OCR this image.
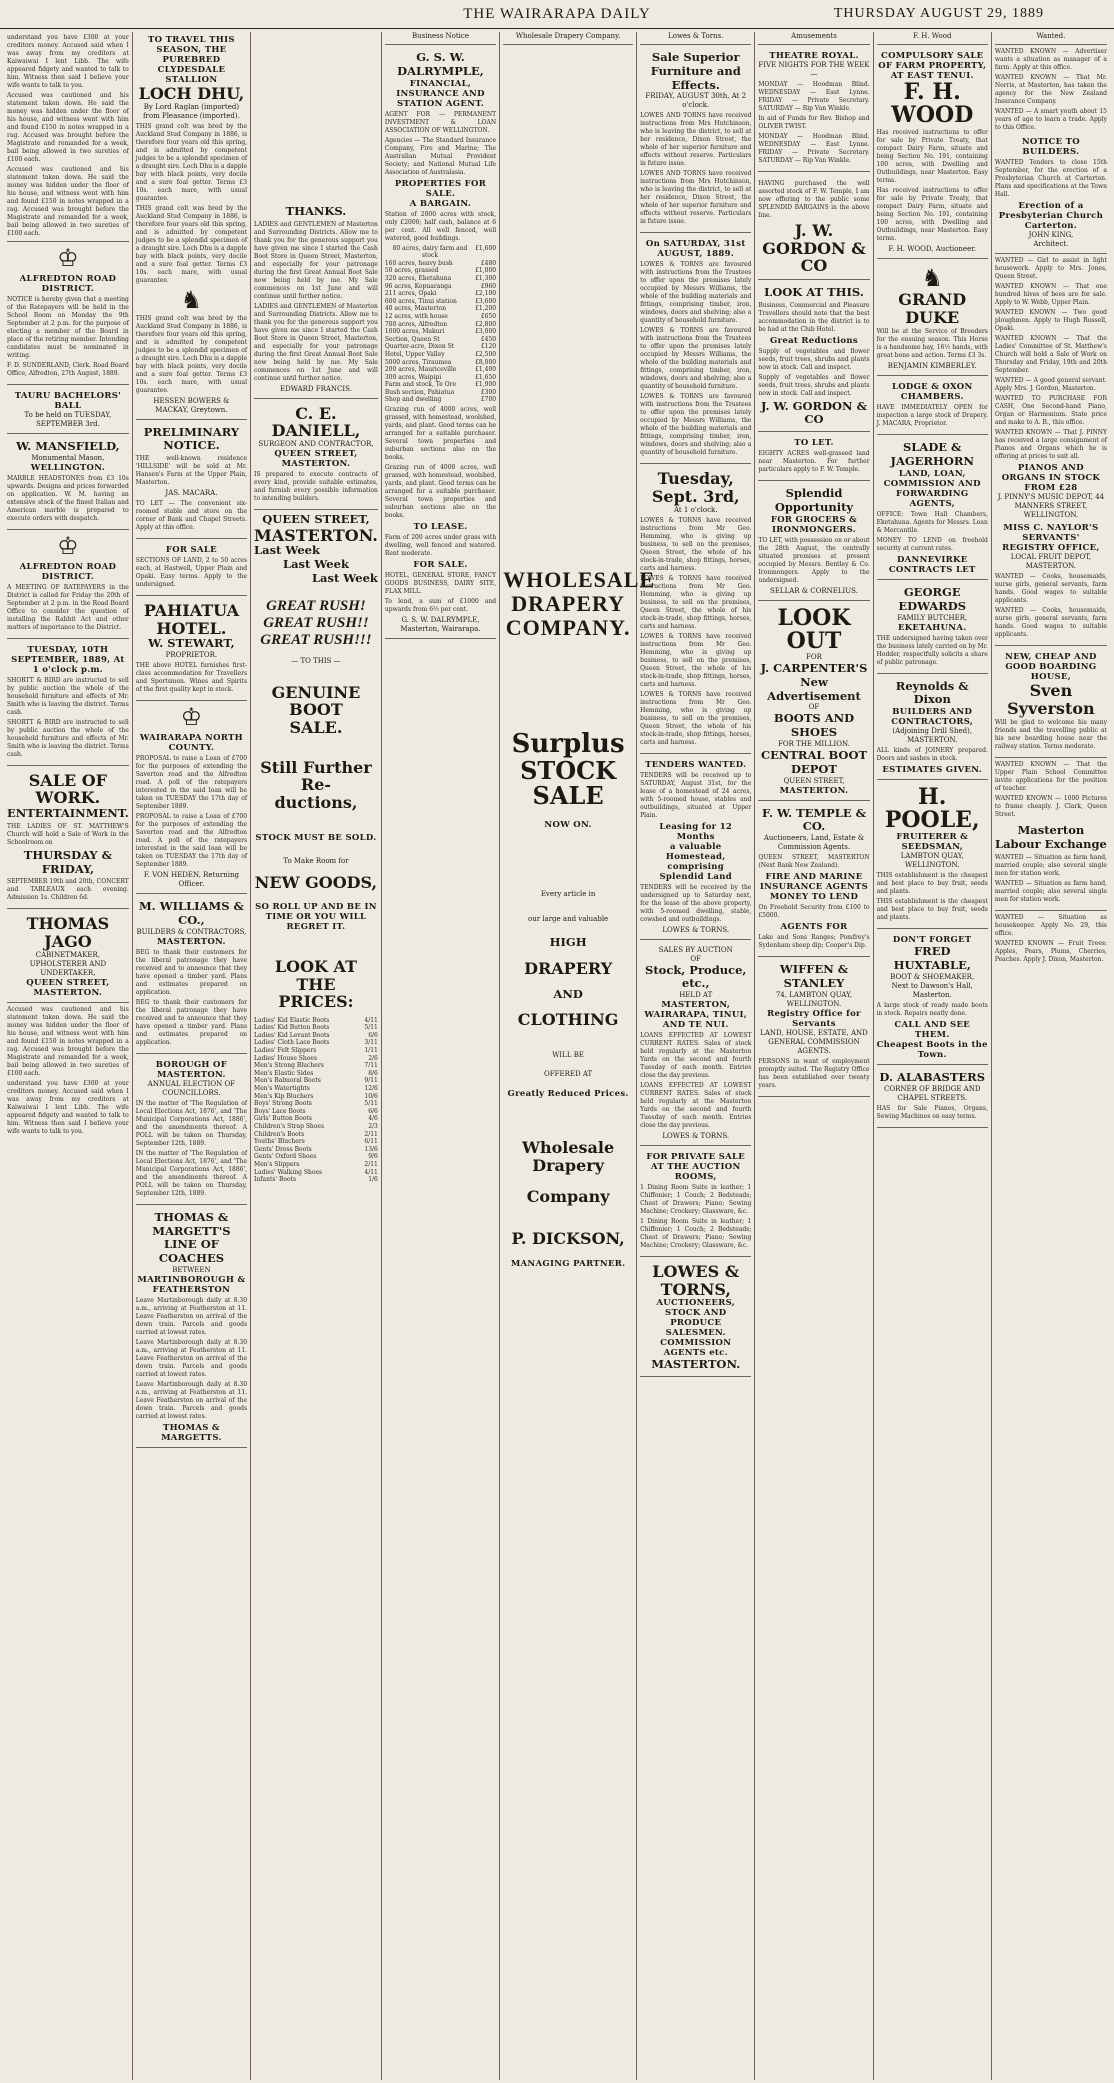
THE WAIRARAPA DAILY	THURSDAY AUGUST 29, 1889
understand you have £300 at your creditors money. Accused said when I was away from my creditors at Kaiwaiwai I lent Libb. The wife appeared fidgety and wanted to talk to him. Witness then said I believe your wife wants to talk to you.
Accused was cautioned and his statement taken down. He said the money was hidden under the floor of his house, and witness went with him and found £150 in notes wrapped in a rag. Accused was brought before the Magistrate and remanded for a week, bail being allowed in two sureties of £100 each.
Accused was cautioned and his statement taken down. He said the money was hidden under the floor of his house, and witness went with him and found £150 in notes wrapped in a rag. Accused was brought before the Magistrate and remanded for a week, bail being allowed in two sureties of £100 each.
♔
ALFREDTON ROAD DISTRICT.
NOTICE is hereby given that a meeting of the Ratepayers will be held in the School Room on Monday the 9th September at 2 p.m. for the purpose of electing a member of the Board in place of the retiring member. Intending candidates must be nominated in writing.
F. D. SUNDERLAND, Clerk. Road Board Office, Alfredton, 27th August, 1889.
TAURU BACHELORS' BALL
To be held on TUESDAY, SEPTEMBER 3rd.
W. MANSFIELD,
Monumental Mason,
WELLINGTON.
MARBLE HEADSTONES from £3 10s upwards. Designs and prices forwarded on application. W. M. having an extensive stock of the finest Italian and American marble is prepared to execute orders with despatch.
♔
ALFREDTON ROAD DISTRICT.
A MEETING OF RATEPAYERS in the District is called for Friday the 20th of September at 2 p.m. in the Road Board Office to consider the question of installing the Rabbit Act and other matters of importance to the District.
TUESDAY, 10TH SEPTEMBER, 1889, At 1 o'clock p.m.
SHORTT & BIRD are instructed to sell by public auction the whole of the household furniture and effects of Mr. Smith who is leaving the district. Terms cash.
SHORTT & BIRD are instructed to sell by public auction the whole of the household furniture and effects of Mr. Smith who is leaving the district. Terms cash.
SALE OF WORK.
ENTERTAINMENT.
THE LADIES OF ST. MATTHEW'S Church will hold a Sale of Work in the Schoolroom on
THURSDAY & FRIDAY,
SEPTEMBER 19th and 20th, CONCERT and TABLEAUX each evening. Admission 1s. Children 6d.
THOMAS JAGO
CABINETMAKER, UPHOLSTERER AND UNDERTAKER,
QUEEN STREET, MASTERTON.
Accused was cautioned and his statement taken down. He said the money was hidden under the floor of his house, and witness went with him and found £150 in notes wrapped in a rag. Accused was brought before the Magistrate and remanded for a week, bail being allowed in two sureties of £100 each.
understand you have £300 at your creditors money. Accused said when I was away from my creditors at Kaiwaiwai I lent Libb. The wife appeared fidgety and wanted to talk to him. Witness then said I believe your wife wants to talk to you.
TO TRAVEL THIS SEASON, THE PUREBRED CLYDESDALE STALLION
LOCH DHU,
By Lord Raglan (imported) from Pleasance (imported).
THIS grand colt was bred by the Auckland Stud Company in 1886, is therefore four years old this spring, and is admitted by competent judges to be a splendid specimen of a draught sire. Loch Dhu is a dapple bay with black points, very docile and a sure foal getter. Terms £3 10s. each mare, with usual guarantee.
THIS grand colt was bred by the Auckland Stud Company in 1886, is therefore four years old this spring, and is admitted by competent judges to be a splendid specimen of a draught sire. Loch Dhu is a dapple bay with black points, very docile and a sure foal getter. Terms £3 10s. each mare, with usual guarantee.
♞
THIS grand colt was bred by the Auckland Stud Company in 1886, is therefore four years old this spring, and is admitted by competent judges to be a splendid specimen of a draught sire. Loch Dhu is a dapple bay with black points, very docile and a sure foal getter. Terms £3 10s. each mare, with usual guarantee.
HESSEN BOWERS & MACKAY, Greytown.
PRELIMINARY NOTICE.
THE well-known residence 'HILLSIDE' will be sold at Mr. Hansen's Farm at the Upper Plain, Masterton.
JAS. MACARA.
TO LET — The convenient six-roomed stable and store on the corner of Bank and Chapel Streets. Apply at this office.
FOR SALE
SECTIONS OF LAND, 2 to 50 acres each, at Hastwell, Upper Plain and Opaki. Easy terms. Apply to the undersigned.
PAHIATUA HOTEL.
W. STEWART,
PROPRIETOR.
THE above HOTEL furnishes first-class accommodation for Travellers and Sportsmen. Wines and Spirits of the first quality kept in stock.
♔
WAIRARAPA NORTH COUNTY.
PROPOSAL to raise a Loan of £700 for the purposes of extending the Saverton road and the Alfredton road. A poll of the ratepayers interested in the said loan will be taken on TUESDAY the 17th day of September 1889.
PROPOSAL to raise a Loan of £700 for the purposes of extending the Saverton road and the Alfredton road. A poll of the ratepayers interested in the said loan will be taken on TUESDAY the 17th day of September 1889.
F. VON HEDEN, Returning Officer.
M. WILLIAMS & CO.,
BUILDERS & CONTRACTORS,
MASTERTON.
BEG to thank their customers for the liberal patronage they have received and to announce that they have opened a timber yard. Plans and estimates prepared on application.
BEG to thank their customers for the liberal patronage they have received and to announce that they have opened a timber yard. Plans and estimates prepared on application.
BOROUGH OF MASTERTON.
ANNUAL ELECTION OF COUNCILLORS.
IN the matter of 'The Regulation of Local Elections Act, 1876', and 'The Municipal Corporations Act, 1886', and the amendments thereof. A POLL will be taken on Thursday, September 12th, 1889.
IN the matter of 'The Regulation of Local Elections Act, 1876', and 'The Municipal Corporations Act, 1886', and the amendments thereof. A POLL will be taken on Thursday, September 12th, 1889.
THOMAS & MARGETT'S LINE OF COACHES
BETWEEN
MARTINBOROUGH & FEATHERSTON
Leave Martinborough daily at 8.30 a.m., arriving at Featherston at 11. Leave Featherston on arrival of the down train. Parcels and goods carried at lowest rates.
Leave Martinborough daily at 8.30 a.m., arriving at Featherston at 11. Leave Featherston on arrival of the down train. Parcels and goods carried at lowest rates.
Leave Martinborough daily at 8.30 a.m., arriving at Featherston at 11. Leave Featherston on arrival of the down train. Parcels and goods carried at lowest rates.
THOMAS & MARGETTS.
THANKS.
LADIES and GENTLEMEN of Masterton and Surrounding Districts. Allow me to thank you for the generous support you have given me since I started the Cash Boot Store in Queen Street, Masterton, and especially for your patronage during the first Great Annual Boot Sale now being held by me. My Sale commences on 1st June and will continue until further notice.
LADIES and GENTLEMEN of Masterton and Surrounding Districts. Allow me to thank you for the generous support you have given me since I started the Cash Boot Store in Queen Street, Masterton, and especially for your patronage during the first Great Annual Boot Sale now being held by me. My Sale commences on 1st June and will continue until further notice.
EDWARD FRANCIS.
C. E. DANIELL,
SURGEON AND CONTRACTOR,
QUEEN STREET, MASTERTON.
IS prepared to execute contracts of every kind, provide suitable estimates, and furnish every possible information to intending builders.
QUEEN STREET,
MASTERTON.
Last Week
Last Week
Last Week
GREAT RUSH! GREAT RUSH!! GREAT RUSH!!!
— TO THIS —
GENUINE BOOT
SALE.
Still Further Re-
ductions,
STOCK MUST BE SOLD.
To Make Room for
NEW GOODS,
SO ROLL UP AND BE IN TIME OR YOU WILL REGRET IT.
LOOK AT THE
PRICES:
Ladies' Kid Elastic Boots	4/11
Ladies' Kid Button Boots	5/11
Ladies' Kid Levant Boots	6/6
Ladies' Cloth Lace Boots	3/11
Ladies' Felt Slippers	1/11
Ladies' House Shoes	2/6
Men's Strong Bluchers	7/11
Men's Elastic Sides	8/6
Men's Balmoral Boots	9/11
Men's Watertights	12/6
Men's Kip Bluchers	10/6
Boys' Strong Boots	5/11
Boys' Lace Boots	6/6
Girls' Button Boots	4/6
Children's Strap Shoes	2/3
Children's Boots	2/11
Youths' Bluchers	6/11
Gents' Dress Boots	13/6
Gents' Oxford Shoes	9/6
Men's Slippers	2/11
Ladies' Walking Shoes	4/11
Infants' Boots	1/6
Business Notice
G. S. W. DALRYMPLE,
FINANCIAL, INSURANCE AND STATION AGENT.
AGENT FOR — PERMANENT INVESTMENT & LOAN ASSOCIATION OF WELLINGTON.
Agencies — The Standard Insurance Company, Fire and Marine; The Australian Mutual Provident Society; and National Mutual Life Association of Australasia.
PROPERTIES FOR SALE.
A BARGAIN.
Station of 2000 acres with stock, only £2000; half cash, balance at 6 per cent. All well fenced, well watered, good buildings.
80 acres, dairy farm and stock
£1,600
160 acres, heavy bush	£480
50 acres, grassed	£1,000
320 acres, Eketahuna	£1,300
96 acres, Kopuaranga	£960
211 acres, Opaki	£2,100
600 acres, Tinui station	£3,600
40 acres, Masterton	£1,200
12 acres, with house	£650
700 acres, Alfredton	£2,800
1000 acres, Makuri	£3,000
Section, Queen St	£450
Quarter-acre, Dixon St	£120
Hotel, Upper Valley	£2,500
5000 acres, Tiraumea	£8,000
200 acres, Mauriceville	£1,400
300 acres, Waipipi	£1,650
Farm and stock, Te Ore	£1,900
Bush section, Pahiatua	£300
Shop and dwelling	£700
Grazing run of 4000 acres, well grassed, with homestead, woolshed, yards, and plant. Good terms can be arranged for a suitable purchaser. Several town properties and suburban sections also on the books.
Grazing run of 4000 acres, well grassed, with homestead, woolshed, yards, and plant. Good terms can be arranged for a suitable purchaser. Several town properties and suburban sections also on the books.
TO LEASE.
Farm of 200 acres under grass with dwelling, well fenced and watered. Rent moderate.
FOR SALE.
HOTEL, GENERAL STORE, FANCY GOODS BUSINESS, DAIRY SITE, FLAX MILL.
To lend, a sum of £1000 and upwards from 6½ per cent.
G. S. W. DALRYMPLE, Masterton, Wairarapa.
Wholesale Drapery Company.
WHOLESALE
DRAPERY
COMPANY.
Surplus
STOCK SALE
NOW ON.
Every article in
our large and valuable
HIGH
DRAPERY
AND
CLOTHING
WILL BE
OFFERED AT
Greatly Reduced Prices.
Wholesale Drapery
Company
P. DICKSON,
MANAGING PARTNER.
Lowes & Torns.
Sale Superior Furniture and Effects.
FRIDAY, AUGUST 30th, At 2 o'clock.
LOWES AND TORNS have received instructions from Mrs Hutchinson, who is leaving the district, to sell at her residence, Dixon Street, the whole of her superior furniture and effects without reserve. Particulars in future issue.
LOWES AND TORNS have received instructions from Mrs Hutchinson, who is leaving the district, to sell at her residence, Dixon Street, the whole of her superior furniture and effects without reserve. Particulars in future issue.
On SATURDAY, 31st AUGUST, 1889.
LOWES & TORNS are favoured with instructions from the Trustees to offer upon the premises lately occupied by Messrs Williams, the whole of the building materials and fittings, comprising timber, iron, windows, doors and shelving; also a quantity of household furniture.
LOWES & TORNS are favoured with instructions from the Trustees to offer upon the premises lately occupied by Messrs Williams, the whole of the building materials and fittings, comprising timber, iron, windows, doors and shelving; also a quantity of household furniture.
LOWES & TORNS are favoured with instructions from the Trustees to offer upon the premises lately occupied by Messrs Williams, the whole of the building materials and fittings, comprising timber, iron, windows, doors and shelving; also a quantity of household furniture.
Tuesday, Sept. 3rd,
At 1 o'clock.
LOWES & TORNS have received instructions from Mr Geo. Hemming, who is giving up business, to sell on the premises, Queen Street, the whole of his stock-in-trade, shop fittings, horses, carts and harness.
LOWES & TORNS have received instructions from Mr Geo. Hemming, who is giving up business, to sell on the premises, Queen Street, the whole of his stock-in-trade, shop fittings, horses, carts and harness.
LOWES & TORNS have received instructions from Mr Geo. Hemming, who is giving up business, to sell on the premises, Queen Street, the whole of his stock-in-trade, shop fittings, horses, carts and harness.
LOWES & TORNS have received instructions from Mr Geo. Hemming, who is giving up business, to sell on the premises, Queen Street, the whole of his stock-in-trade, shop fittings, horses, carts and harness.
TENDERS WANTED.
TENDERS will be received up to SATURDAY, August 31st, for the lease of a homestead of 24 acres, with 5-roomed house, stables and outbuildings, situated at Upper Plain.
Leasing for 12 Months
a valuable Homestead, comprising
Splendid Land
TENDERS will be received by the undersigned up to Saturday next, for the lease of the above property, with 5-roomed dwelling, stable, cowshed and outbuildings.
LOWES & TORNS.
SALES BY AUCTION
OF
Stock, Produce, etc.,
HELD AT
MASTERTON, WAIRARAPA, TINUI, AND TE NUI.
LOANS EFFECTED AT LOWEST CURRENT RATES. Sales of stock held regularly at the Masterton Yards on the second and fourth Tuesday of each month. Entries close the day previous.
LOANS EFFECTED AT LOWEST CURRENT RATES. Sales of stock held regularly at the Masterton Yards on the second and fourth Tuesday of each month. Entries close the day previous.
LOWES & TORNS.
FOR PRIVATE SALE AT THE AUCTION ROOMS,
1 Dining Room Suite in leather; 1 Chiffonier; 1 Couch; 2 Bedsteads; Chest of Drawers; Piano; Sewing Machine; Crockery; Glassware, &c.
1 Dining Room Suite in leather; 1 Chiffonier; 1 Couch; 2 Bedsteads; Chest of Drawers; Piano; Sewing Machine; Crockery; Glassware, &c.
LOWES & TORNS,
AUCTIONEERS,
STOCK AND PRODUCE SALESMEN.
COMMISSION AGENTS etc.
MASTERTON.
Amusements
THEATRE ROYAL.
FIVE NIGHTS FOR THE WEEK—
MONDAY — Hoodman Blind. WEDNESDAY — East Lynne. FRIDAY — Private Secretary. SATURDAY — Rip Van Winkle.
In aid of Funds for Rev. Bishop and OLIVER TWIST.
MONDAY — Hoodman Blind. WEDNESDAY — East Lynne. FRIDAY — Private Secretary. SATURDAY — Rip Van Winkle.
HAVING purchased the well assorted stock of F. W. Temple, I am now offering to the public some SPLENDID BARGAINS in the above line.
J. W. GORDON & CO
LOOK AT THIS.
Business, Commercial and Pleasure Travellers should note that the best accommodation in the district is to be had at the Club Hotel.
Great Reductions
Supply of vegetables and flower seeds, fruit trees, shrubs and plants now in stock. Call and inspect.
Supply of vegetables and flower seeds, fruit trees, shrubs and plants now in stock. Call and inspect.
J. W. GORDON & CO
TO LET.
EIGHTY ACRES well-grassed land near Masterton. For further particulars apply to F. W. Temple.
Splendid Opportunity
FOR GROCERS & IRONMONGERS.
TO LET, with possession on or about the 28th August, the centrally situated premises at present occupied by Messrs. Bentley & Co. Ironmongers. Apply to the undersigned.
SELLAR & CORNELIUS.
LOOK OUT
FOR
J. CARPENTER'S
New Advertisement
OF
BOOTS AND SHOES
FOR THE MILLION.
CENTRAL BOOT DEPOT
QUEEN STREET,
MASTERTON.
F. W. TEMPLE & CO.
Auctioneers, Land, Estate & Commission Agents.
QUEEN STREET, MASTERTON (Next Bank New Zealand).
FIRE AND MARINE INSURANCE AGENTS
MONEY TO LEND
On Freehold Security from £100 to £5000.
AGENTS FOR
Lake and Sons Ranges; Pomfrey's Sydenham sheep dip; Cooper's Dip.
WIFFEN & STANLEY
74, LAMBTON QUAY, WELLINGTON.
Registry Office for Servants
LAND, HOUSE, ESTATE, AND GENERAL COMMISSION AGENTS.
PERSONS in want of employment promptly suited. The Registry Office has been established over twenty years.
F. H. Wood
COMPULSORY SALE OF FARM PROPERTY, AT EAST TENUI.
F. H. WOOD
Has received instructions to offer for sale by Private Treaty, that compact Dairy Farm, situate and being Section No. 191, containing 100 acres, with Dwelling and Outbuildings, near Masterton. Easy terms.
Has received instructions to offer for sale by Private Treaty, that compact Dairy Farm, situate and being Section No. 191, containing 100 acres, with Dwelling and Outbuildings, near Masterton. Easy terms.
F. H. WOOD, Auctioneer.
♞
GRAND DUKE
Will be at the Service of Breeders for the ensuing season. This Horse is a handsome bay, 16½ hands, with great bone and action. Terms £3 3s.
BENJAMIN KIMBERLEY.
LODGE & OXON CHAMBERS.
HAVE IMMEDIATELY OPEN for inspection a large stock of Drapery. J. MACARA, Proprietor.
SLADE & JAGERHORN
LAND, LOAN, COMMISSION AND FORWARDING AGENTS,
OFFICE: Town Hall Chambers, Eketahuna. Agents for Messrs. Loan & Mercantile.
MONEY TO LEND on freehold security at current rates.
DANNEVIRKE CONTRACTS LET
GEORGE EDWARDS
FAMILY BUTCHER,
EKETAHUNA.
THE undersigned having taken over the business lately carried on by Mr. Hodder, respectfully solicits a share of public patronage.
Reynolds & Dixon
BUILDERS AND CONTRACTORS,
(Adjoining Drill Shed), MASTERTON.
ALL kinds of JOINERY prepared. Doors and sashes in stock.
ESTIMATES GIVEN.
H. POOLE,
FRUITERER & SEEDSMAN,
LAMBTON QUAY, WELLINGTON.
THIS establishment is the cheapest and best place to buy fruit, seeds and plants.
THIS establishment is the cheapest and best place to buy fruit, seeds and plants.
DON'T FORGET
FRED HUXTABLE,
BOOT & SHOEMAKER,
Next to Dawson's Hall, Masterton.
A large stock of ready made boots in stock. Repairs neatly done.
CALL AND SEE THEM.
Cheapest Boots in the Town.
D. ALABASTERS
CORNER OF BRIDGE AND CHAPEL STREETS.
HAS for Sale Pianos, Organs, Sewing Machines on easy terms.
Wanted.
WANTED KNOWN — Advertiser wants a situation as manager of a farm. Apply at this office.
WANTED KNOWN — That Mr. Norris, at Masterton, has taken the agency for the New Zealand Insurance Company.
WANTED — A smart youth about 15 years of age to learn a trade. Apply to this Office.
NOTICE TO BUILDERS.
WANTED Tenders to close 15th September, for the erection of a Presbyterian Church at Carterton. Plans and specifications at the Town Hall.
Erection of a Presbyterian Church
Carterton.
JOHN KING,
Architect.
WANTED — Girl to assist in light housework. Apply to Mrs. Jones, Queen Street.
WANTED KNOWN — That one hundred hives of bees are for sale. Apply to W. Webb, Upper Plain.
WANTED KNOWN — Two good ploughmen. Apply to Hugh Russell, Opaki.
WANTED KNOWN — That the Ladies' Committee of St. Matthew's Church will hold a Sale of Work on Thursday and Friday, 19th and 20th September.
WANTED — A good general servant. Apply Mrs. J. Gordon, Masterton.
WANTED TO PURCHASE FOR CASH, One Second-hand Piano, Organ or Harmonium. State price and make to A. B., this office.
WANTED KNOWN — That J. PINNY has received a large consignment of Pianos and Organs which he is offering at prices to suit all.
PIANOS AND ORGANS IN STOCK FROM £28
J. PINNY'S MUSIC DEPOT, 44 MANNERS STREET, WELLINGTON.
MISS C. NAYLOR'S
SERVANTS' REGISTRY OFFICE,
LOCAL FRUIT DEPOT, MASTERTON.
WANTED — Cooks, housemaids, nurse girls, general servants, farm hands. Good wages to suitable applicants.
WANTED — Cooks, housemaids, nurse girls, general servants, farm hands. Good wages to suitable applicants.
NEW, CHEAP AND GOOD BOARDING HOUSE,
Sven Syverston
Will be glad to welcome his many friends and the travelling public at his new boarding house near the railway station. Terms moderate.
WANTED KNOWN — That the Upper Plain School Committee invite applications for the position of teacher.
WANTED KNOWN — 1000 Pictures to frame cheaply. J. Clark, Queen Street.
Masterton Labour Exchange
WANTED — Situation as farm hand, married couple; also several single men for station work.
WANTED — Situation as farm hand, married couple; also several single men for station work.
WANTED — Situation as housekeeper. Apply No. 29, this office.
WANTED KNOWN — Fruit Trees: Apples, Pears, Plums, Cherries, Peaches. Apply J. Dixon, Masterton.
